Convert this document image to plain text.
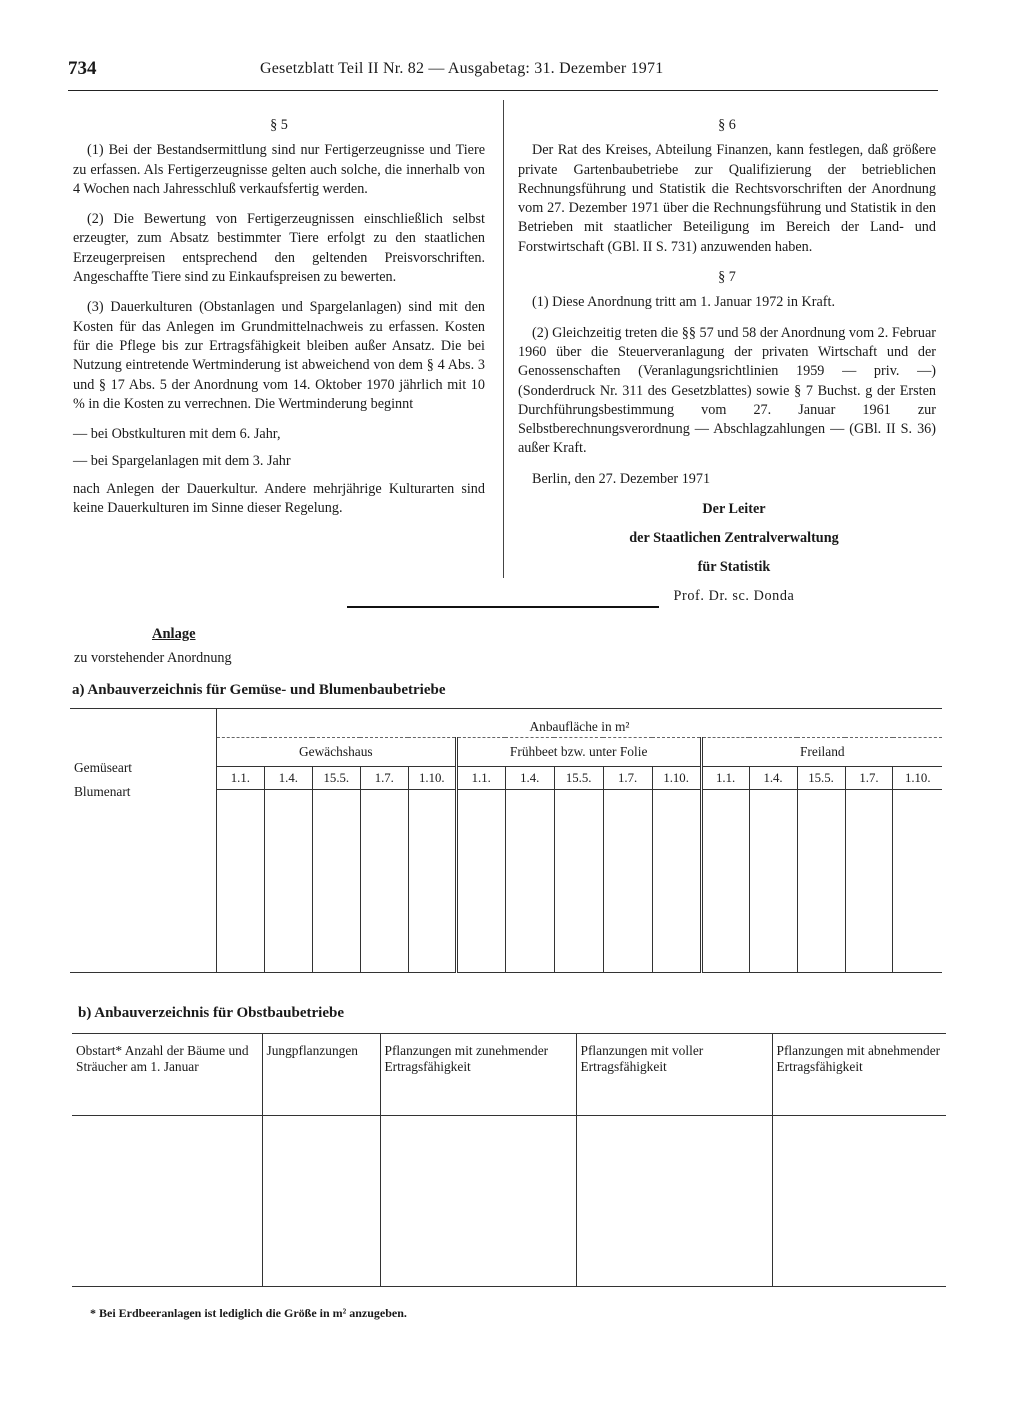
734	Gesetzblatt Teil II Nr. 82 — Ausgabetag: 31. Dezember 1971

§ 5

(1) Bei der Bestandsermittlung sind nur Fertigerzeugnisse und Tiere zu erfassen. Als Fertigerzeugnisse gelten auch solche, die innerhalb von 4 Wochen nach Jahresschluß verkaufsfertig werden.

(2) Die Bewertung von Fertigerzeugnissen einschließlich selbst erzeugter, zum Absatz bestimmter Tiere erfolgt zu den staatlichen Erzeugerpreisen entsprechend den geltenden Preisvorschriften. Angeschaffte Tiere sind zu Einkaufspreisen zu bewerten.

(3) Dauerkulturen (Obstanlagen und Spargelanlagen) sind mit den Kosten für das Anlegen im Grundmittelnachweis zu erfassen. Kosten für die Pflege bis zur Ertragsfähigkeit bleiben außer Ansatz. Die bei Nutzung eintretende Wertminderung ist abweichend von dem § 4 Abs. 3 und § 17 Abs. 5 der Anordnung vom 14. Oktober 1970 jährlich mit 10 % in die Kosten zu verrechnen. Die Wertminderung beginnt

— bei Obstkulturen mit dem 6. Jahr,

— bei Spargelanlagen mit dem 3. Jahr

nach Anlegen der Dauerkultur. Andere mehrjährige Kulturarten sind keine Dauerkulturen im Sinne dieser Regelung.

§ 6

Der Rat des Kreises, Abteilung Finanzen, kann festlegen, daß größere private Gartenbaubetriebe zur Qualifizierung der betrieblichen Rechnungsführung und Statistik die Rechtsvorschriften der Anordnung vom 27. Dezember 1971 über die Rechnungsführung und Statistik in den Betrieben mit staatlicher Beteiligung im Bereich der Land- und Forstwirtschaft (GBl. II S. 731) anzuwenden haben.

§ 7

(1) Diese Anordnung tritt am 1. Januar 1972 in Kraft.

(2) Gleichzeitig treten die §§ 57 und 58 der Anordnung vom 2. Februar 1960 über die Steuerveranlagung der privaten Wirtschaft und der Genossenschaften (Veranlagungsrichtlinien 1959 — priv. —) (Sonderdruck Nr. 311 des Gesetzblattes) sowie § 7 Buchst. g der Ersten Durchführungsbestimmung vom 27. Januar 1961 zur Selbstberechnungsverordnung — Abschlagzahlungen — (GBl. II S. 36) außer Kraft.

Berlin, den 27. Dezember 1971

Der Leiter

der Staatlichen Zentralverwaltung

für Statistik

Prof. Dr. sc. Donda

Anlage
zu vorstehender Anordnung
a) Anbauverzeichnis für Gemüse- und Blumenbaubetriebe
	Anbaufläche in m²														

Gemüseart
Blumenart	Gewächshaus					Frühbeet bzw. unter Folie					Freiland				
	1.1.	1.4.	15.5.	1.7.	1.10.	1.1.	1.4.	15.5.	1.7.	1.10.	1.1.	1.4.	15.5.	1.7.	1.10.

b) Anbauverzeichnis für Obstbaubetriebe
Obstart* Anzahl der Bäume und Sträucher am 1. Januar	Jungpflanzungen	Pflanzungen mit zunehmender Ertragsfähigkeit	Pflanzungen mit voller Ertragsfähigkeit	Pflanzungen mit abnehmender Ertragsfähigkeit

* Bei Erdbeeranlagen ist lediglich die Größe in m² anzugeben.
